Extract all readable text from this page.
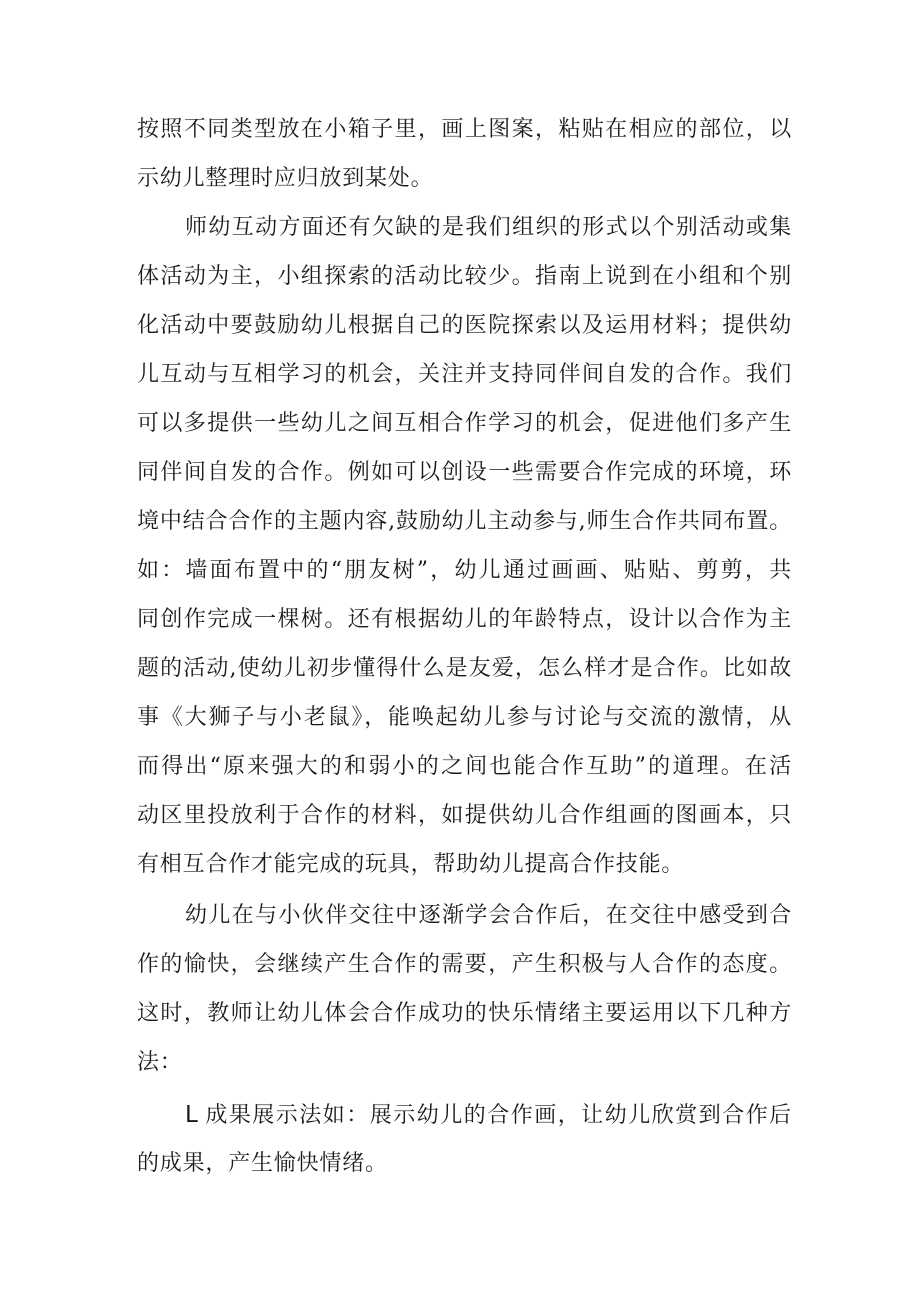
按照不同类型放在小箱子里，画上图案，粘贴在相应的部位，以
示幼儿整理时应归放到某处。
师幼互动方面还有欠缺的是我们组织的形式以个别活动或集
体活动为主，小组探索的活动比较少。指南上说到在小组和个别
化活动中要鼓励幼儿根据自己的医院探索以及运用材料；提供幼
儿互动与互相学习的机会，关注并支持同伴间自发的合作。我们
可以多提供一些幼儿之间互相合作学习的机会，促进他们多产生
同伴间自发的合作。例如可以创设一些需要合作完成的环境，环
境中结合合作的主题内容,鼓励幼儿主动参与,师生合作共同布置。
如：墙面布置中的“朋友树”，幼儿通过画画、贴贴、剪剪，共
同创作完成一棵树。还有根据幼儿的年龄特点，设计以合作为主
题的活动,使幼儿初步懂得什么是友爱，怎么样才是合作。比如故
事《大狮子与小老鼠》，能唤起幼儿参与讨论与交流的激情，从
而得出“原来强大的和弱小的之间也能合作互助”的道理。在活
动区里投放利于合作的材料，如提供幼儿合作组画的图画本，只
有相互合作才能完成的玩具，帮助幼儿提高合作技能。
幼儿在与小伙伴交往中逐渐学会合作后，在交往中感受到合
作的愉快，会继续产生合作的需要，产生积极与人合作的态度。
这时，教师让幼儿体会合作成功的快乐情绪主要运用以下几种方
法：
L 成果展示法如：展示幼儿的合作画，让幼儿欣赏到合作后
的成果，产生愉快情绪。
